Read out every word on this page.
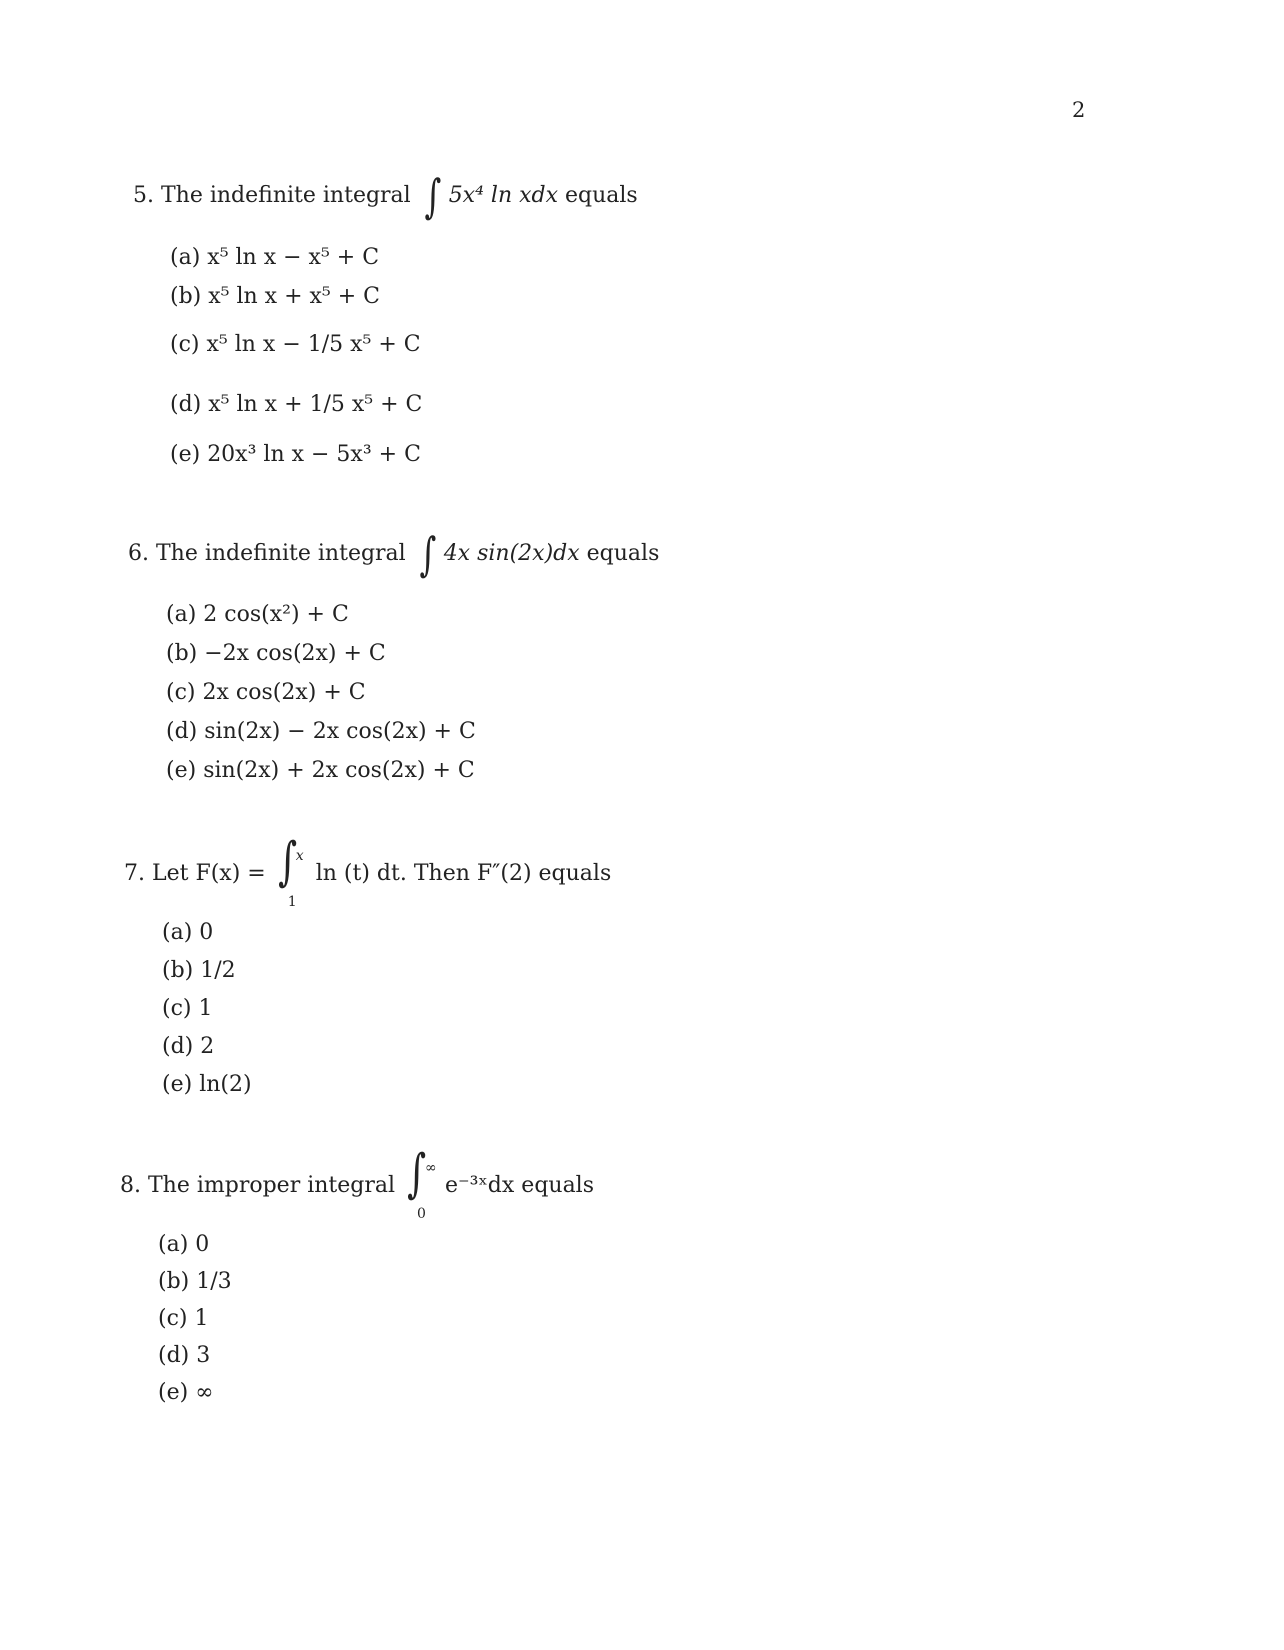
2
5. The indefinite integral ∫ 5x⁴ ln xdx equals
(a) x⁵ ln x − x⁵ + C
(b) x⁵ ln x + x⁵ + C
(c) x⁵ ln x − 1/5 x⁵ + C
(d) x⁵ ln x + 1/5 x⁵ + C
(e) 20x³ ln x − 5x³ + C
6. The indefinite integral ∫ 4x sin(2x)dx equals
(a) 2 cos(x²) + C
(b) −2x cos(2x) + C
(c) 2x cos(2x) + C
(d) sin(2x) − 2x cos(2x) + C
(e) sin(2x) + 2x cos(2x) + C
7. Let F(x) = ∫
x
1
ln (t) dt. Then F″(2) equals
(a) 0
(b) 1/2
(c) 1
(d) 2
(e) ln(2)
8. The improper integral ∫
∞
0
e⁻³ˣdx equals
(a) 0
(b) 1/3
(c) 1
(d) 3
(e) ∞
